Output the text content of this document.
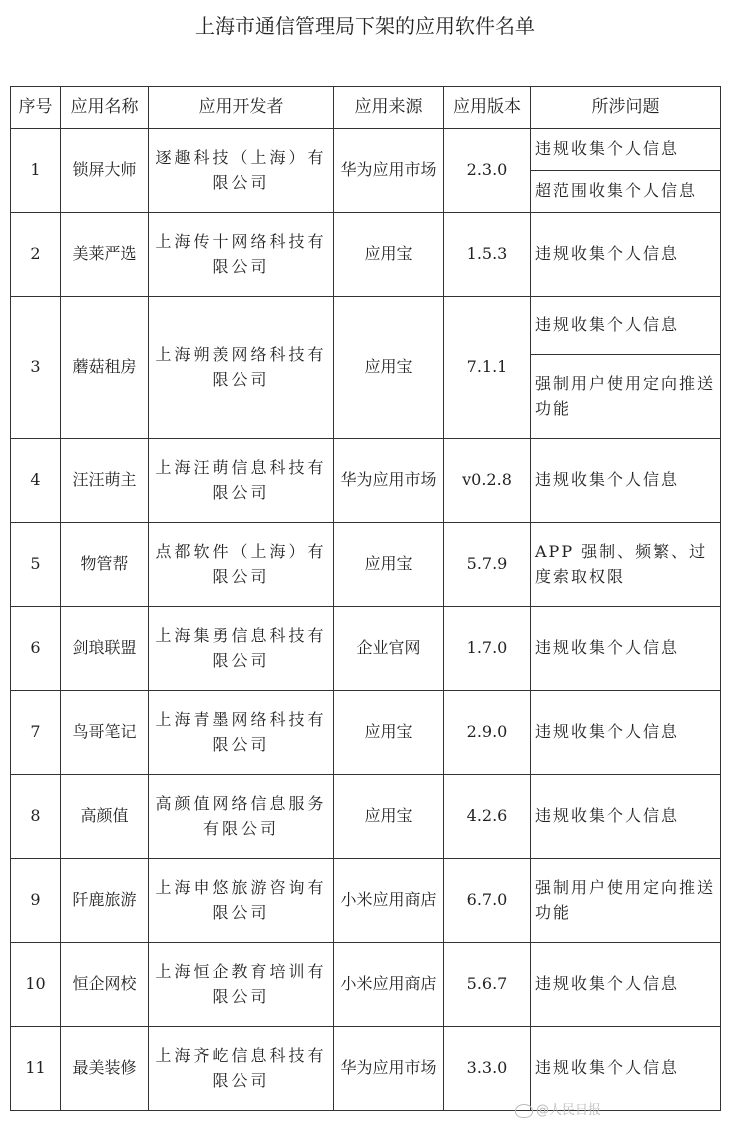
上海市通信管理局下架的应用软件名单
序号	应用名称	应用开发者	应用来源	应用版本	所涉问题
1	锁屏大师	逐趣科技（上海）有限公司	华为应用市场	2.3.0	违规收集个人信息
					超范围收集个人信息
2	美莱严选	上海传十网络科技有限公司	应用宝	1.5.3	违规收集个人信息
3	蘑菇租房	上海朔羡网络科技有限公司	应用宝	7.1.1	违规收集个人信息
					强制用户使用定向推送功能
4	汪汪萌主	上海汪萌信息科技有限公司	华为应用市场	v0.2.8	违规收集个人信息
5	物管帮	点都软件（上海）有限公司	应用宝	5.7.9	APP 强制、频繁、过度索取权限
6	剑琅联盟	上海集勇信息科技有限公司	企业官网	1.7.0	违规收集个人信息
7	鸟哥笔记	上海青墨网络科技有限公司	应用宝	2.9.0	违规收集个人信息
8	高颜值	高颜值网络信息服务有限公司	应用宝	4.2.6	违规收集个人信息
9	阡鹿旅游	上海申悠旅游咨询有限公司	小米应用商店	6.7.0	强制用户使用定向推送功能
10	恒企网校	上海恒企教育培训有限公司	小米应用商店	5.6.7	违规收集个人信息
11	最美装修	上海齐屹信息科技有限公司	华为应用市场	3.3.0	违规收集个人信息
@人民日报
